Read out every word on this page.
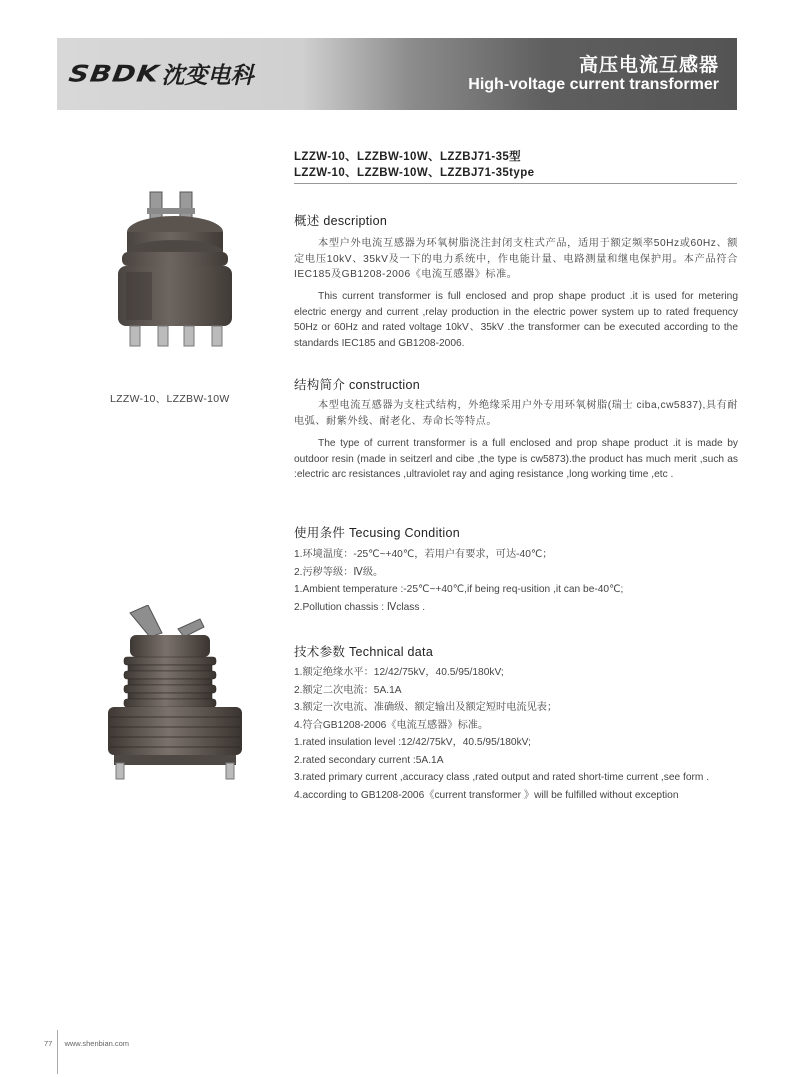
SBDK 沈变电科	高压电流互感器
High-voltage current transformer
LZZW-10、LZZBW-10W、LZZBJ71-35型
LZZW-10、LZZBW-10W、LZZBJ71-35type
概述 description
本型户外电流互感器为环氧树脂浇注封闭支柱式产品，适用于额定频率50Hz或60Hz、额定电压10kV、35kV及一下的电力系统中，作电能计量、电路测量和继电保护用。本产品符合IEC185及GB1208-2006《电流互感器》标准。
This current transformer is full enclosed and prop shape product .it is used for metering electric energy and current ,relay production in the electric power system up to rated frequency 50Hz or 60Hz and rated voltage 10kV、35kV .the transformer can be executed according to the standards IEC185 and GB1208-2006.
结构简介 construction
本型电流互感器为支柱式结构，外绝缘采用户外专用环氧树脂(瑞士 ciba,cw5837),具有耐电弧、耐紫外线、耐老化、寿命长等特点。
The type of current transformer is a full enclosed and prop shape product .it is made by outdoor resin (made in seitzerl and cibe ,the type is cw5873).the product has much merit ,such as :electric arc resistances ,ultraviolet ray and aging resistance ,long working time ,etc .
使用条件 Tecusing Condition
1.环境温度：-25℃~+40℃，若用户有要求，可达-40℃；
2.污秽等级：Ⅳ级。
1.Ambient temperature :-25℃~+40℃,if being req-usition ,it can be-40℃;
2.Pollution chassis : Ⅳclass .
技术参数 Technical data
1.额定绝缘水平：12/42/75kV，40.5/95/180kV;
2.额定二次电流：5A.1A
3.额定一次电流、准确级、额定输出及额定短时电流见表；
4.符合GB1208-2006《电流互感器》标准。
1.rated insulation level :12/42/75kV，40.5/95/180kV;
2.rated secondary current :5A.1A
3.rated primary current ,accuracy class ,rated output and rated short-time current ,see form .
4.according to GB1208-2006《current transformer 》will be fulfilled without exception
LZZW-10、LZZBW-10W
77 www.shenbian.com
